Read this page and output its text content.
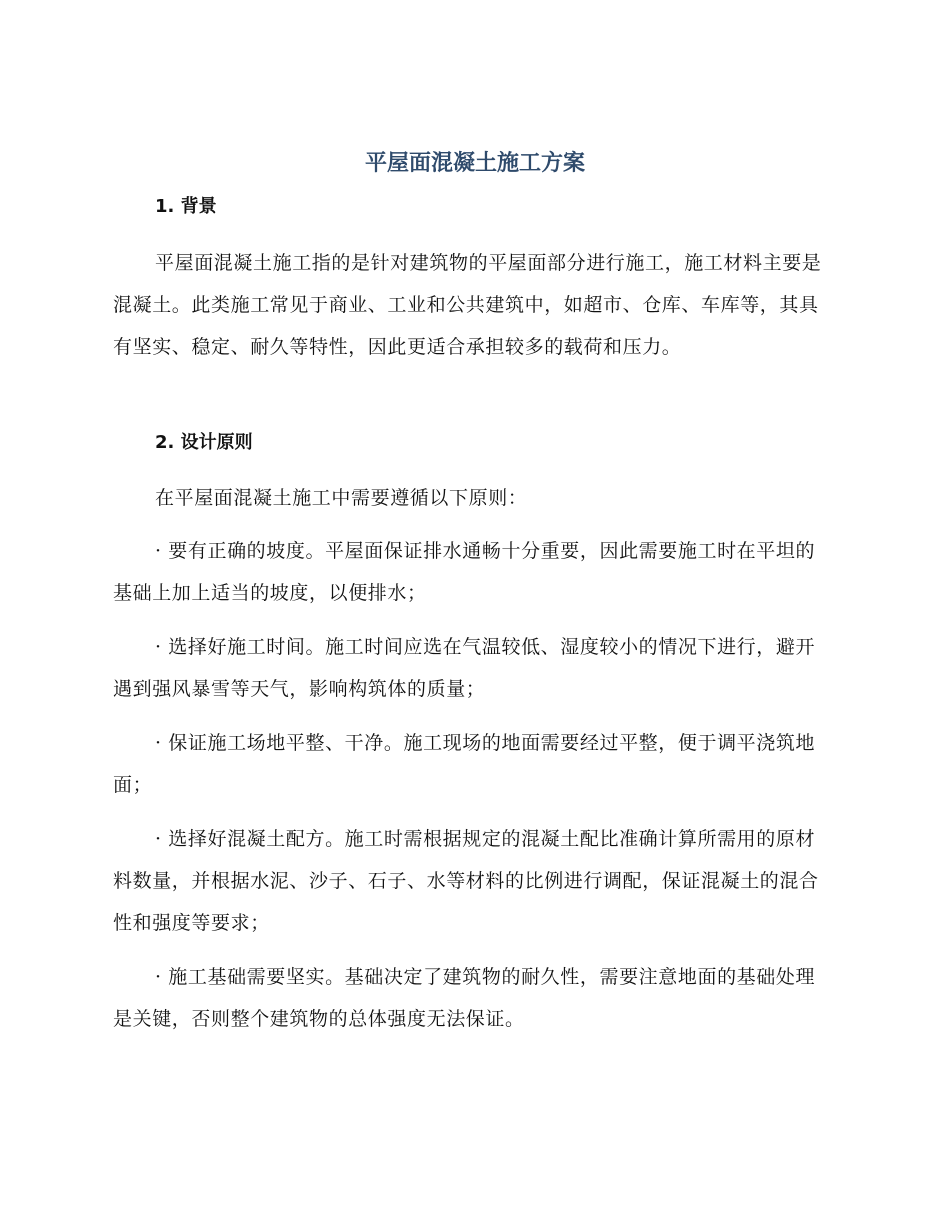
平屋面混凝土施工方案
1. 背景

平屋面混凝土施工指的是针对建筑物的平屋面部分进行施工，施工材料主要是混凝土。此类施工常见于商业、工业和公共建筑中，如超市、仓库、车库等，其具有坚实、稳定、耐久等特性，因此更适合承担较多的载荷和压力。

2. 设计原则

在平屋面混凝土施工中需要遵循以下原则：

· 要有正确的坡度。平屋面保证排水通畅十分重要，因此需要施工时在平坦的基础上加上适当的坡度，以便排水；

· 选择好施工时间。施工时间应选在气温较低、湿度较小的情况下进行，避开遇到强风暴雪等天气，影响构筑体的质量；

· 保证施工场地平整、干净。施工现场的地面需要经过平整，便于调平浇筑地面；

· 选择好混凝土配方。施工时需根据规定的混凝土配比准确计算所需用的原材料数量，并根据水泥、沙子、石子、水等材料的比例进行调配，保证混凝土的混合性和强度等要求；

· 施工基础需要坚实。基础决定了建筑物的耐久性，需要注意地面的基础处理是关键，否则整个建筑物的总体强度无法保证。
